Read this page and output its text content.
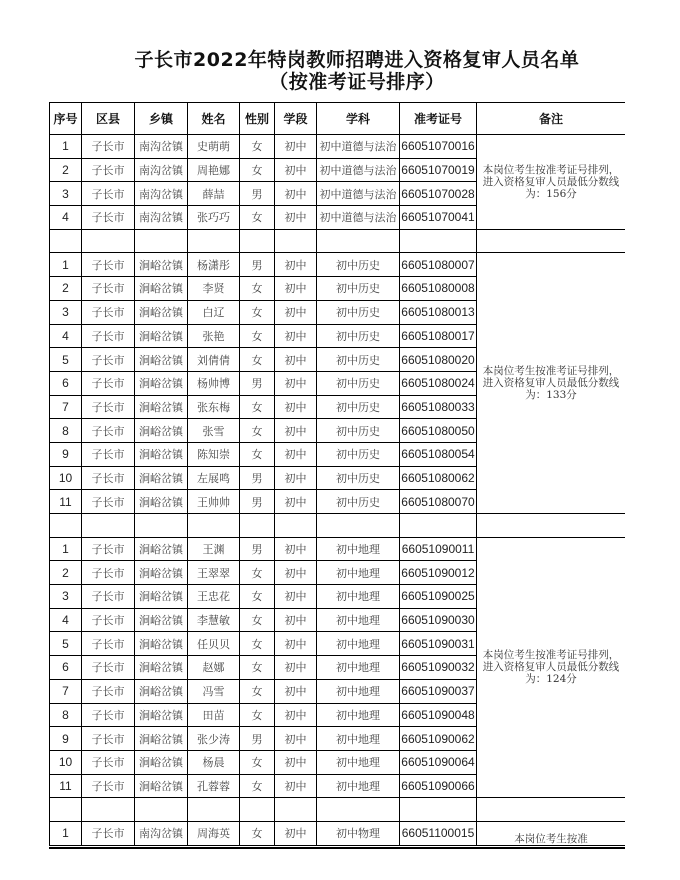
子长市2022年特岗教师招聘进入资格复审人员名单
（按准考证号排序）
序号	区县	乡镇	姓名	性别	学段	学科	准考证号	备注
1	子长市	南沟岔镇	史萌萌	女	初中	初中道德与法治	66051070016	本岗位考生按准考证号排列，进入资格复审人员最低分数线为：156分
2	子长市	南沟岔镇	周艳娜	女	初中	初中道德与法治	66051070019	
3	子长市	南沟岔镇	薛喆	男	初中	初中道德与法治	66051070028	
4	子长市	南沟岔镇	张巧巧	女	初中	初中道德与法治	66051070041	

1	子长市	涧峪岔镇	杨潇彤	男	初中	初中历史	66051080007	本岗位考生按准考证号排列，进入资格复审人员最低分数线为：133分
2	子长市	涧峪岔镇	李贤	女	初中	初中历史	66051080008	
3	子长市	涧峪岔镇	白辽	女	初中	初中历史	66051080013	
4	子长市	涧峪岔镇	张艳	女	初中	初中历史	66051080017	
5	子长市	涧峪岔镇	刘倩倩	女	初中	初中历史	66051080020	
6	子长市	涧峪岔镇	杨帅博	男	初中	初中历史	66051080024	
7	子长市	涧峪岔镇	张东梅	女	初中	初中历史	66051080033	
8	子长市	涧峪岔镇	张雪	女	初中	初中历史	66051080050	
9	子长市	涧峪岔镇	陈知崇	女	初中	初中历史	66051080054	
10	子长市	涧峪岔镇	左展鸣	男	初中	初中历史	66051080062	
11	子长市	涧峪岔镇	王帅帅	男	初中	初中历史	66051080070	

1	子长市	涧峪岔镇	王渊	男	初中	初中地理	66051090011	本岗位考生按准考证号排列，进入资格复审人员最低分数线为：124分
2	子长市	涧峪岔镇	王翠翠	女	初中	初中地理	66051090012	
3	子长市	涧峪岔镇	王忠花	女	初中	初中地理	66051090025	
4	子长市	涧峪岔镇	李慧敏	女	初中	初中地理	66051090030	
5	子长市	涧峪岔镇	任贝贝	女	初中	初中地理	66051090031	
6	子长市	涧峪岔镇	赵娜	女	初中	初中地理	66051090032	
7	子长市	涧峪岔镇	冯雪	女	初中	初中地理	66051090037	
8	子长市	涧峪岔镇	田苗	女	初中	初中地理	66051090048	
9	子长市	涧峪岔镇	张少涛	男	初中	初中地理	66051090062	
10	子长市	涧峪岔镇	杨晨	女	初中	初中地理	66051090064	
11	子长市	涧峪岔镇	孔蓉蓉	女	初中	初中地理	66051090066	

1	子长市	南沟岔镇	周海英	女	初中	初中物理	66051100015	本岗位考生按准
